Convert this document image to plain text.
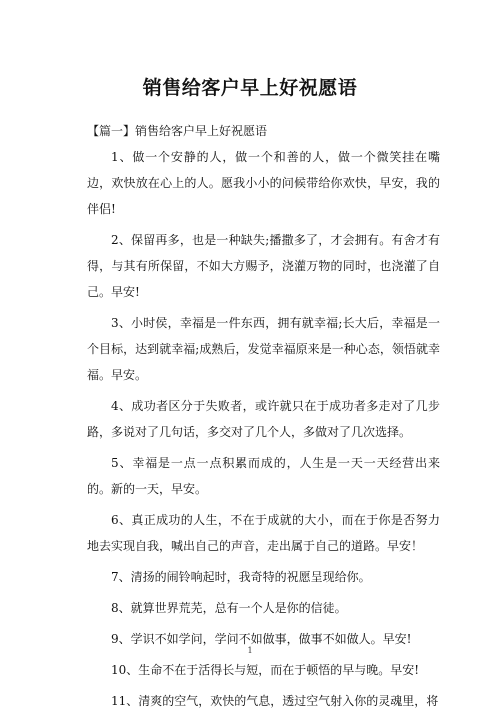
销售给客户早上好祝愿语
【篇一】销售给客户早上好祝愿语

1、做一个安静的人，做一个和善的人，做一个微笑挂在嘴边，欢快放在心上的人。愿我小小的问候带给你欢快，早安，我的伴侣!

2、保留再多，也是一种缺失;播撒多了，才会拥有。有舍才有得，与其有所保留，不如大方赐予，浇灌万物的同时，也浇灌了自己。早安!

3、小时侯，幸福是一件东西，拥有就幸福;长大后，幸福是一个目标，达到就幸福;成熟后，发觉幸福原来是一种心态，领悟就幸福。早安。

4、成功者区分于失败者，或许就只在于成功者多走对了几步路，多说对了几句话，多交对了几个人，多做对了几次选择。

5、幸福是一点一点积累而成的，人生是一天一天经营出来的。新的一天，早安。

6、真正成功的人生，不在于成就的大小，而在于你是否努力地去实现自我，喊出自己的声音，走出属于自己的道路。早安！

7、清扬的闹铃响起时，我奇特的祝愿呈现给你。

8、就算世界荒芜，总有一个人是你的信徒。

9、学识不如学问，学问不如做事，做事不如做人。早安!

10、生命不在于活得长与短，而在于顿悟的早与晚。早安!

11、清爽的空气，欢快的气息，透过空气射入你的灵魂里，将

1
